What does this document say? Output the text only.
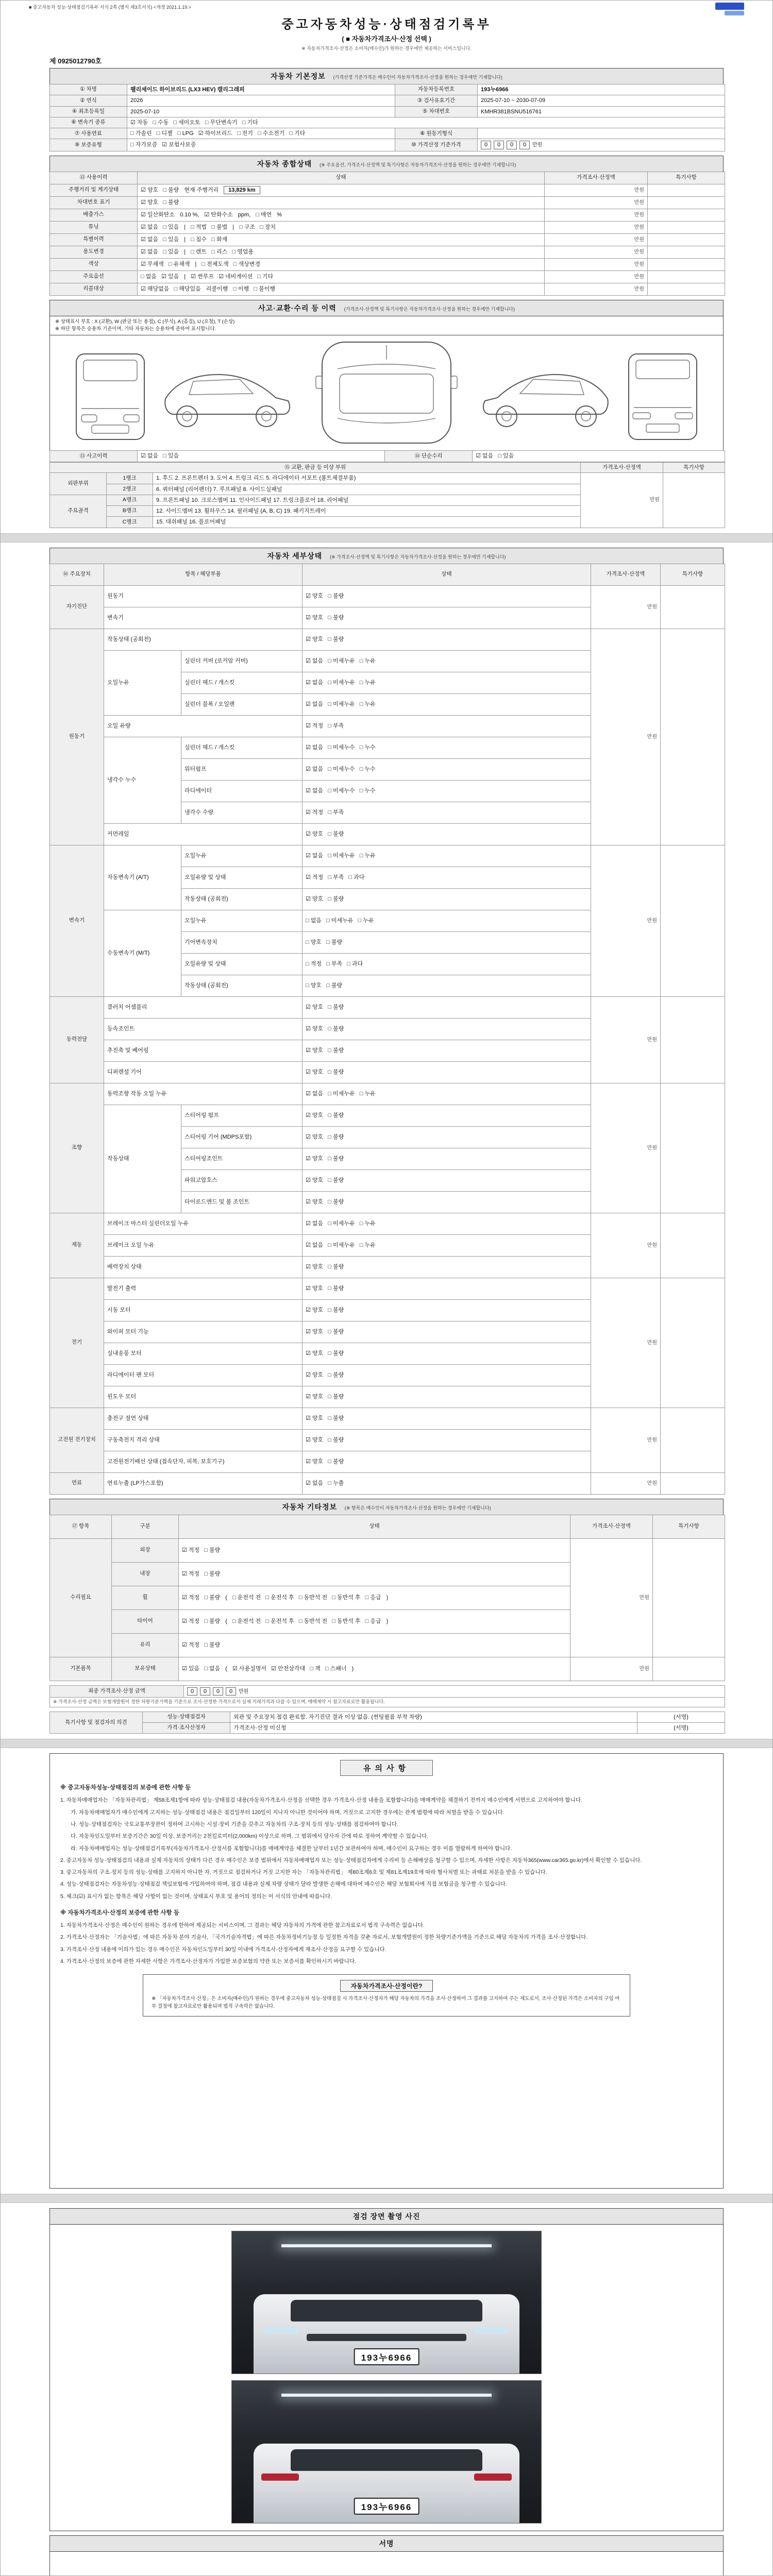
■ 중고자동차 성능·상태점검기록부 서식 2쪽 (별지 제3호서식) <개정 2021.1.19.>
중고자동차성능·상태점검기록부
( ■ 자동차가격조사·산정 선택 )
※ 자동차가격조사·산정은 소비자(매수인)가 원하는 경우에만 제공하는 서비스입니다.
제 0925012790호
자동차 기본정보 (가격산정 기준가격은 매수인이 자동차가격조사·산정을 원하는 경우에만 기재합니다)
① 차명	팰리세이드 하이브리드 (LX3 HEV) 캘리그래피	자동차등록번호	193누6966
② 연식	2026	③ 검사유효기간	2025-07-10 ~ 2030-07-09
④ 최초등록일	2025-07-10	⑤ 차대번호	KMHR381BSNU516761
⑥ 변속기 종류	☑ 자동   □ 수동   □ 세미오토   □ 무단변속기   □ 기타		
⑦ 사용연료	□ 가솔린   □ 디젤   □ LPG   ☑ 하이브리드   □ 전기   □ 수소전기   □ 기타	⑧ 원동기형식	
⑨ 보증유형	□ 자가보증   ☑ 보험사보증	⑩ 가격산정 기준가격	0 0 0 0 만원
자동차 종합상태 (※ 주요옵션, 가격조사·산정액 및 특기사항은 자동차가격조사·산정을 원하는 경우에만 기재합니다)
⑫ 사용이력	상태	가격조사·산정액	특기사항
주행거리 및 계기상태	☑ 양호   □ 불량 현재 주행거리 13,829 km	만원	
차대번호 표기	☑ 양호   □ 불량	만원	
배출가스	☑ 일산화탄소 0.10 %, ☑ 탄화수소 ppm, □ 매연 %	만원	
튜닝	☑ 없음   □ 있음 | □ 적법   □ 불법 | □ 구조   □ 장치	만원	
특별이력	☑ 없음   □ 있음 | □ 침수   □ 화재	만원	
용도변경	☑ 없음   □ 있음 | □ 렌트   □ 리스   □ 영업용	만원	
색상	☑ 무채색   □ 유채색 | □ 전체도색   □ 색상변경	만원	
주요옵션	□ 없음   ☑ 있음 | ☑ 썬루프   ☑ 네비게이션   □ 기타	만원	
리콜대상	☑ 해당없음   □ 해당있음 리콜이행 □ 이행   □ 불이행	만원	
사고·교환·수리 등 이력 (가격조사·산정액 및 특기사항은 자동차가격조사·산정을 원하는 경우에만 기재합니다)
※ 상태표시 부호 : X (교환), W (판금 또는 용접), C (부식), A (흠집), U (요철), T (손상)
※ 하단 항목은 승용차 기준이며, 기타 자동차는 승용차에 준하여 표시합니다.
⑬ 사고이력	☑ 없음   □ 있음	⑭ 단순수리	☑ 없음   □ 있음
⑮ 교환, 판금 등 이상 부위			가격조사·산정액	특기사항
외판부위	1랭크	1. 후드 2. 프론트펜더 3. 도어 4. 트렁크 리드 5. 라디에이터 서포트 (볼트체결부품)	만원	
	2랭크	6. 쿼터패널 (리어펜더) 7. 루프패널 8. 사이드실패널		
주요골격	A랭크	9. 프론트패널 10. 크로스멤버 11. 인사이드패널 17. 트렁크플로어 18. 리어패널		
	B랭크	12. 사이드멤버 13. 휠하우스 14. 필러패널 (A, B, C) 19. 패키지트레이		
	C랭크	15. 대쉬패널 16. 플로어패널		
자동차 세부상태 (※ 가격조사·산정액 및 특기사항은 자동차가격조사·산정을 원하는 경우에만 기재합니다)
⑯ 주요장치	항목 / 해당부품		상태	가격조사·산정액	특기사항
자기진단	원동기		☑ 양호   □ 불량	만원	
	변속기		☑ 양호   □ 불량		
원동기	작동상태 (공회전)		☑ 양호   □ 불량	만원	
	오일누유	실린더 커버 (로커암 커버)	☑ 없음   □ 미세누유   □ 누유		
		실린더 헤드 / 개스킷	☑ 없음   □ 미세누유   □ 누유		
		실린더 블록 / 오일팬	☑ 없음   □ 미세누유   □ 누유		
	오일 유량		☑ 적정   □ 부족		
	냉각수 누수	실린더 헤드 / 개스킷	☑ 없음   □ 미세누수   □ 누수		
		워터펌프	☑ 없음   □ 미세누수   □ 누수		
		라디에이터	☑ 없음   □ 미세누수   □ 누수		
		냉각수 수량	☑ 적정   □ 부족		
	커먼레일		☑ 양호   □ 불량		
변속기	자동변속기 (A/T)	오일누유	☑ 없음   □ 미세누유   □ 누유	만원	
		오일유량 및 상태	☑ 적정   □ 부족   □ 과다		
		작동상태 (공회전)	☑ 양호   □ 불량		
	수동변속기 (M/T)	오일누유	□ 없음   □ 미세누유   □ 누유		
		기어변속장치	□ 양호   □ 불량		
		오일유량 및 상태	□ 적정   □ 부족   □ 과다		
		작동상태 (공회전)	□ 양호   □ 불량		
동력전달	클러치 어셈블리		☑ 양호   □ 불량	만원	
	등속조인트		☑ 양호   □ 불량		
	추진축 및 베어링		☑ 양호   □ 불량		
	디퍼렌셜 기어		☑ 양호   □ 불량		
조향	동력조향 작동 오일 누유		☑ 없음   □ 미세누유   □ 누유	만원	
	작동상태	스티어링 펌프	☑ 양호   □ 불량		
		스티어링 기어 (MDPS포함)	☑ 양호   □ 불량		
		스티어링조인트	☑ 양호   □ 불량		
		파워고압호스	☑ 양호   □ 불량		
		타이로드엔드 및 볼 조인트	☑ 양호   □ 불량		
제동	브레이크 마스터 실린더오일 누유		☑ 없음   □ 미세누유   □ 누유	만원	
	브레이크 오일 누유		☑ 없음   □ 미세누유   □ 누유		
	배력장치 상태		☑ 양호   □ 불량		
전기	발전기 출력		☑ 양호   □ 불량	만원	
	시동 모터		☑ 양호   □ 불량		
	와이퍼 모터 기능		☑ 양호   □ 불량		
	실내송풍 모터		☑ 양호   □ 불량		
	라디에이터 팬 모터		☑ 양호   □ 불량		
	윈도우 모터		☑ 양호   □ 불량		
고전원 전기장치	충전구 절연 상태		☑ 양호   □ 불량	만원	
	구동축전지 격리 상태		☑ 양호   □ 불량		
	고전원전기배선 상태 (접속단자, 피복, 보호기구)		☑ 양호   □ 불량		
연료	연료누출 (LP가스포함)		☑ 없음   □ 누출	만원	
자동차 기타정보 (※ 항목은 매수인이 자동차가격조사·산정을 원하는 경우에만 기재합니다)
⑰ 항목	구분	상태	가격조사·산정액	특기사항
수리필요	외장	☑ 적정   □ 불량	만원	
	내장	☑ 적정   □ 불량		
	휠	☑ 적정   □ 불량 ( □ 운전석 전   □ 운전석 후   □ 동반석 전   □ 동반석 후   □ 응급 )		
	타이어	☑ 적정   □ 불량 ( □ 운전석 전   □ 운전석 후   □ 동반석 전   □ 동반석 후   □ 응급 )		
	유리	☑ 적정   □ 불량		
기본품목	보유상태	☑ 있음   □ 없음 ( ☑ 사용설명서   ☑ 안전삼각대   □ 잭   □ 스패너 )	만원	
최종 가격조사·산정 금액	0 0 0 0 만원
※ 가격조사·산정 금액은 보험개발원이 정한 차량기준가액을 기준으로 조사·산정한 가격으로서 실제 거래가격과 다를 수 있으며, 매매계약 시 참고자료로만 활용됩니다.
특기사항 및 점검자의 의견	성능·상태점검자	외관 및 주요장치 점검 완료함. 자기진단 결과 이상 없음. (썬팅필름 부착 차량)	(서명)
	가격·조사산정자	가격조사·산정 미신청	(서명)
유의사항
※ 중고자동차성능·상태점검의 보증에 관한 사항 등
1. 자동차매매업자는 「자동차관리법」 제58조제1항에 따라 성능·상태점검 내용(자동차가격조사·산정을 선택한 경우 가격조사·산정 내용을 포함합니다)을 매매계약을 체결하기 전까지 매수인에게 서면으로 고지하여야 합니다.
가. 자동차매매업자가 매수인에게 고지하는 성능·상태점검 내용은 점검일부터 120일이 지나지 아니한 것이어야 하며, 거짓으로 고지한 경우에는 관계 법령에 따라 처벌을 받을 수 있습니다.
나. 성능·상태점검자는 국토교통부장관이 정하여 고시하는 시설·장비 기준을 갖추고 자동차의 구조·장치 등의 성능·상태를 점검하여야 합니다.
다. 자동차인도일부터 보증기간은 30일 이상, 보증거리는 2천킬로미터(2,000km) 이상으로 하며, 그 범위에서 당사자 간에 따로 정하여 계약할 수 있습니다.
라. 자동차매매업자는 성능·상태점검기록부(자동차가격조사·산정서를 포함합니다)를 매매계약을 체결한 날부터 1년간 보관하여야 하며, 매수인이 요구하는 경우 이를 열람하게 하여야 합니다.
2. 중고자동차 성능·상태점검의 내용과 실제 자동차의 상태가 다른 경우 매수인은 보증 범위에서 자동차매매업자 또는 성능·상태점검자에게 수리비 등 손해배상을 청구할 수 있으며, 자세한 사항은 자동차365(www.car365.go.kr)에서 확인할 수 있습니다.
3. 중고자동차의 구조·장치 등의 성능·상태를 고지하지 아니한 자, 거짓으로 점검하거나 거짓 고지한 자는 「자동차관리법」 제80조제6호 및 제81조제19호에 따라 형사처벌 또는 과태료 처분을 받을 수 있습니다.
4. 성능·상태점검자는 자동차성능·상태점검 책임보험에 가입하여야 하며, 점검 내용과 실제 차량 상태가 달라 발생한 손해에 대하여 매수인은 해당 보험회사에 직접 보험금을 청구할 수 있습니다.
5. 체크(☑) 표시가 없는 항목은 해당 사항이 없는 것이며, 상태표시 부호 및 용어의 정의는 이 서식의 안내에 따릅니다.
※ 자동차가격조사·산정의 보증에 관한 사항 등
1. 자동차가격조사·산정은 매수인이 원하는 경우에 한하여 제공되는 서비스이며, 그 결과는 해당 자동차의 가격에 관한 참고자료로서 법적 구속력은 없습니다.
2. 가격조사·산정자는 「기술사법」에 따른 자동차 분야 기술사, 「국가기술자격법」에 따른 자동차정비기능장 등 일정한 자격을 갖춘 자로서, 보험개발원이 정한 차량기준가액을 기준으로 해당 자동차의 가격을 조사·산정합니다.
3. 가격조사·산정 내용에 이의가 있는 경우 매수인은 자동차인도일부터 30일 이내에 가격조사·산정자에게 재조사·산정을 요구할 수 있습니다.
4. 가격조사·산정의 보증에 관한 자세한 사항은 가격조사·산정자가 가입한 보증보험의 약관 또는 보증서를 확인하시기 바랍니다.
자동차가격조사·산정이란?
※ 「자동차가격조사·산정」은 소비자(매수인)가 원하는 경우에 중고자동차 성능·상태점검 시 가격조사·산정자가 해당 자동차의 가격을 조사·산정하여 그 결과를 고지하여 주는 제도로서, 조사·산정된 가격은 소비자의 구입 여부 결정에 참고자료로만 활용되며 법적 구속력은 없습니다.
점검 장면 촬영 사진
193누6966
193누6966
서명
